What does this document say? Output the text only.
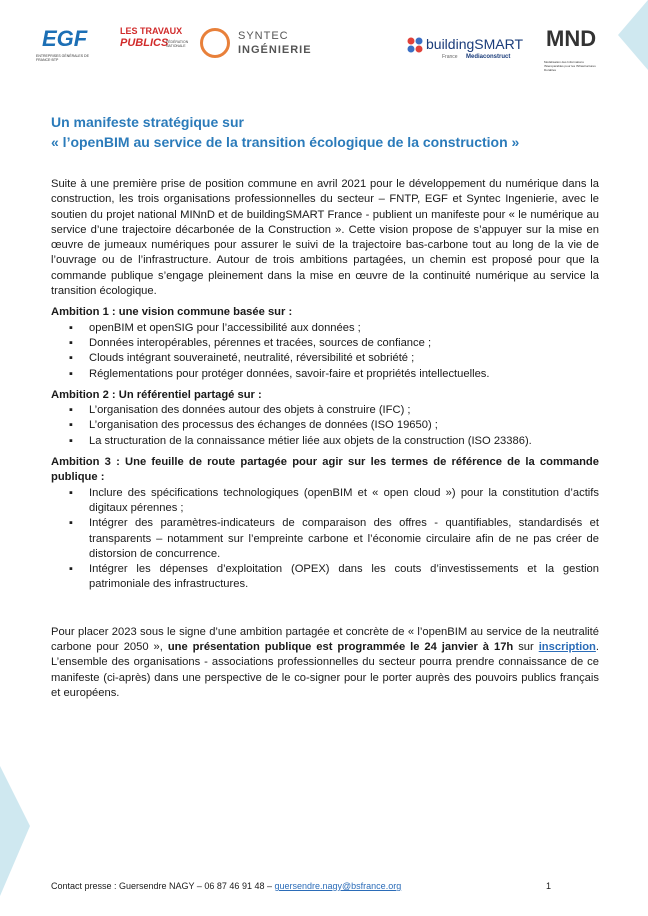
EGF
ENTREPRISES GÉNÉRALES DE FRANCE·BTP
LES TRAVAUX
PUBLICS
FÉDÉRATION NATIONALE
SYNTEC
INGÉNIERIE	buildingSMART
France Mediaconstruct
MND
Modélisation des Informations INteropérables pour les INfrastructures Durables
Un manifeste stratégique sur
« l’openBIM au service de la transition écologique de la construction »

Suite à une première prise de position commune en avril 2021 pour le développement du numérique dans la construction, les trois organisations professionnelles du secteur – FNTP, EGF et Syntec Ingenierie, avec le soutien du projet national MINnD et de buildingSMART France - publient un manifeste pour « le numérique au service d’une trajectoire décarbonée de la Construction ». Cette vision propose de s’appuyer sur la mise en œuvre de jumeaux numériques pour assurer le suivi de la trajectoire bas-carbone tout au long de la vie de l’ouvrage ou de l’infrastructure. Autour de trois ambitions partagées, un chemin est proposé pour que la commande publique s’engage pleinement dans la mise en œuvre de la continuité numérique au service la transition écologique.

Ambition 1 : une vision commune basée sur :

▪ openBIM et openSIG pour l’accessibilité aux données ;
▪ Données interopérables, pérennes et tracées, sources de confiance ;
▪ Clouds intégrant souveraineté, neutralité, réversibilité et sobriété ;
▪ Réglementations pour protéger données, savoir-faire et propriétés intellectuelles.

Ambition 2 : Un référentiel partagé sur :

▪ L’organisation des données autour des objets à construire (IFC) ;
▪ L’organisation des processus des échanges de données (ISO 19650) ;
▪ La structuration de la connaissance métier liée aux objets de la construction (ISO 23386).

Ambition 3 : Une feuille de route partagée pour agir sur les termes de référence de la commande publique :

▪ Inclure des spécifications technologiques (openBIM et « open cloud ») pour la constitution d’actifs digitaux pérennes ;
▪ Intégrer des paramètres-indicateurs de comparaison des offres - quantifiables, standardisés et transparents – notamment sur l’empreinte carbone et l’économie circulaire afin de ne pas créer de distorsion de concurrence.
▪ Intégrer les dépenses d’exploitation (OPEX) dans les couts d’investissements et la gestion patrimoniale des infrastructures.

Pour placer 2023 sous le signe d’une ambition partagée et concrète de « l’openBIM au service de la neutralité carbone pour 2050 », une présentation publique est programmée le 24 janvier à 17h sur inscription. L’ensemble des organisations - associations professionnelles du secteur pourra prendre connaissance de ce manifeste (ci-après) dans une perspective de le co-signer pour le porter auprès des pouvoirs publics français et européens.

Contact presse : Guersendre NAGY – 06 87 46 91 48 – guersendre.nagy@bsfrance.org	1
